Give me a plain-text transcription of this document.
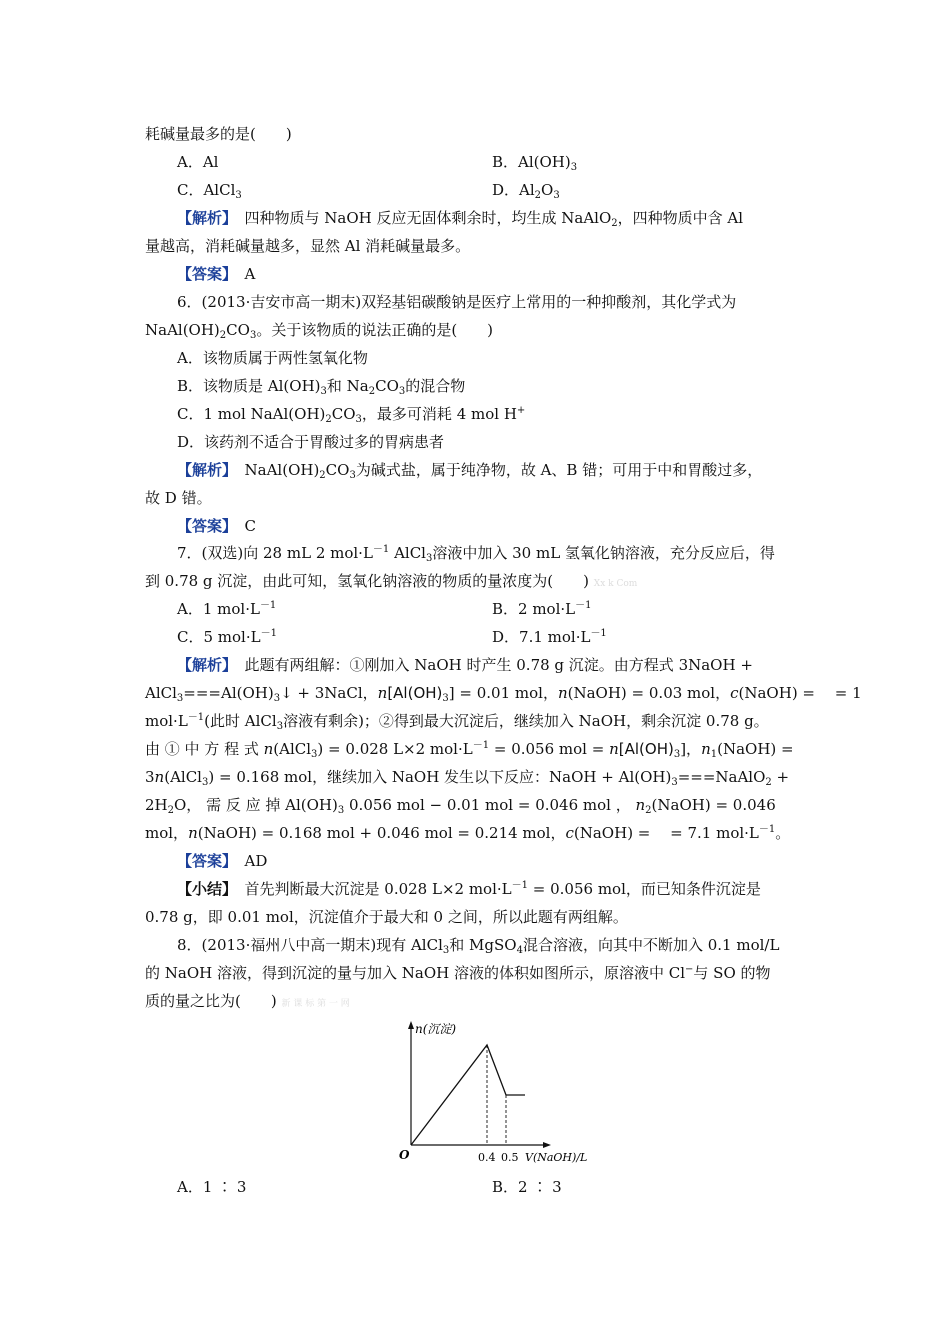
耗碱量最多的是(　　)
A．Al	B．$Al(OH)_3$
C．AlCl$_3$	D．$Al_2O_3$
【解析】　四种物质与 NaOH 反应无固体剩余时，均生成 NaAlO$_2$，四种物质中含 Al
量越高，消耗碱量越多，显然 Al 消耗碱量最多。
【答案】　A
6．(2013·吉安市高一期末)双羟基铝碳酸钠是医疗上常用的一种抑酸剂，其化学式为
$NaAl(OH)_2CO_3$。关于该物质的说法正确的是(　　)
A．该物质属于两性氢氧化物
B．该物质是 $Al(OH)_3$和 $Na_2CO_3$的混合物
C．1 mol $NaAl(OH)_2CO_3$，最多可消耗 4 mol H+
D．该药剂不适合于胃酸过多的胃病患者
【解析】　$NaAl(OH)_2CO_3$为碱式盐，属于纯净物，故 A、B 错；可用于中和胃酸过多，
故 D 错。
【答案】　C
7．(双选)向 28 mL 2 $mol\cdot L^{-1}$ AlCl$_3$溶液中加入 30 mL 氢氧化钠溶液，充分反应后，得
到 0.78 g 沉淀，由此可知，氢氧化钠溶液的物质的量浓度为(　　) Xx k Com
A．1 $mol\cdot L^{-1}$	B．2 $mol\cdot L^{-1}$
C．5 $mol\cdot L^{-1}$	D．7.1 $mol\cdot L^{-1}$
【解析】　此题有两组解：①刚加入 NaOH 时产生 0.78 g 沉淀。由方程式 3NaOH +
$AlCl_3===Al(OH)_3↓$ + 3NaCl，$n[Al(OH)_3] = 0.01$ mol，n(NaOH) = 0.03 mol，c(NaOH) = 　= 1
$mol\cdot L^{-1}$(此时 AlCl$_3$溶液有剩余)；②得到最大沉淀后，继续加入 NaOH，剩余沉淀 0.78 g。
由 ① 中 方 程 式 n(AlCl$_3$) = 0.028 L×2 $mol\cdot L^{-1} = 0.056$ mol = $n[Al(OH)_3]$，$n_1(NaOH)$ =
3n(AlCl$_3$) = 0.168 mol，继续加入 NaOH 发生以下反应：NaOH + $Al(OH)_3===NaAlO_2$ +
$2H_2O$， 需 反 应 掉 $Al(OH)_3$ 0.056 mol − 0.01 mol = 0.046 mol ， $n_2(NaOH) = 0.046$
mol，n(NaOH) = 0.168 mol + 0.046 mol = 0.214 mol，c(NaOH) = 　= 7.1 $mol\cdot L^{-1}$。
【答案】　AD
【小结】　首先判断最大沉淀是 0.028 L×2 $mol\cdot L^{-1} = 0.056$ mol，而已知条件沉淀是
0.78 g，即 0.01 mol，沉淀值介于最大和 0 之间，所以此题有两组解。
8．(2013·福州八中高一期末)现有 AlCl$_3$和 MgSO$_4$混合溶液，向其中不断加入 0.1 mol/L
的 NaOH 溶液，得到沉淀的量与加入 NaOH 溶液的体积如图所示，原溶液中 Cl−与 SO 的物
质的量之比为(　　) 新 课 标 第 一 网
A．1 ∶ 3	B．2 ∶ 3
n(沉淀)
V(NaOH)/L
O	0.4 0.5
